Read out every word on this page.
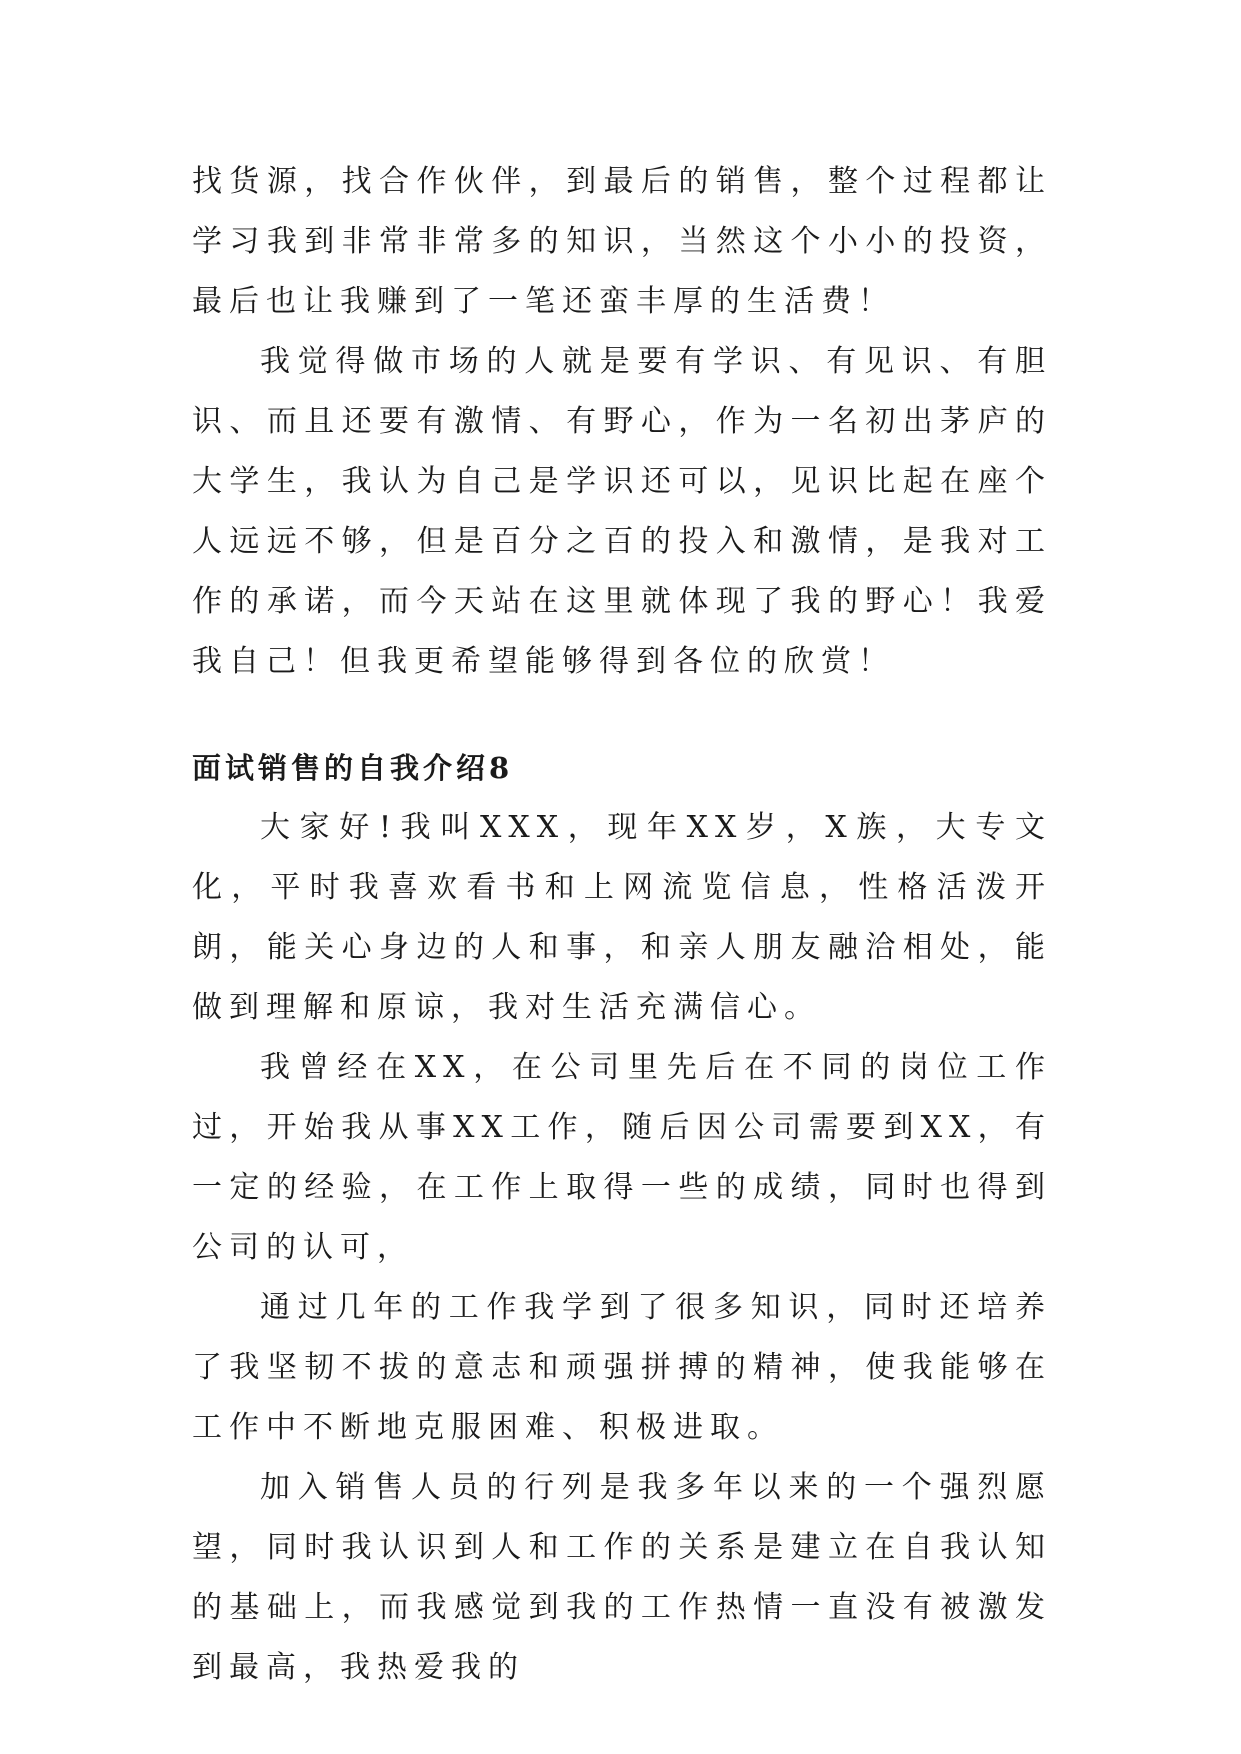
找货源，找合作伙伴，到最后的销售，整个过程都让学习我到非常非常多的知识，当然这个小小的投资，最后也让我赚到了一笔还蛮丰厚的生活费！

我觉得做市场的人就是要有学识、有见识、有胆识、而且还要有激情、有野心，作为一名初出茅庐的大学生，我认为自己是学识还可以，见识比起在座个人远远不够，但是百分之百的投入和激情，是我对工作的承诺，而今天站在这里就体现了我的野心！我爱我自己！但我更希望能够得到各位的欣赏！

面试销售的自我介绍8

大家好!我叫XXX，现年XX岁，X族，大专文化，平时我喜欢看书和上网流览信息，性格活泼开朗，能关心身边的人和事，和亲人朋友融洽相处，能做到理解和原谅，我对生活充满信心。

我曾经在XX，在公司里先后在不同的岗位工作过，开始我从事XX工作，随后因公司需要到XX，有一定的经验，在工作上取得一些的成绩，同时也得到公司的认可，

通过几年的工作我学到了很多知识，同时还培养了我坚韧不拔的意志和顽强拼搏的精神，使我能够在工作中不断地克服困难、积极进取。

加入销售人员的行列是我多年以来的一个强烈愿望，同时我认识到人和工作的关系是建立在自我认知的基础上，而我感觉到我的工作热情一直没有被激发到最高，我热爱我的
